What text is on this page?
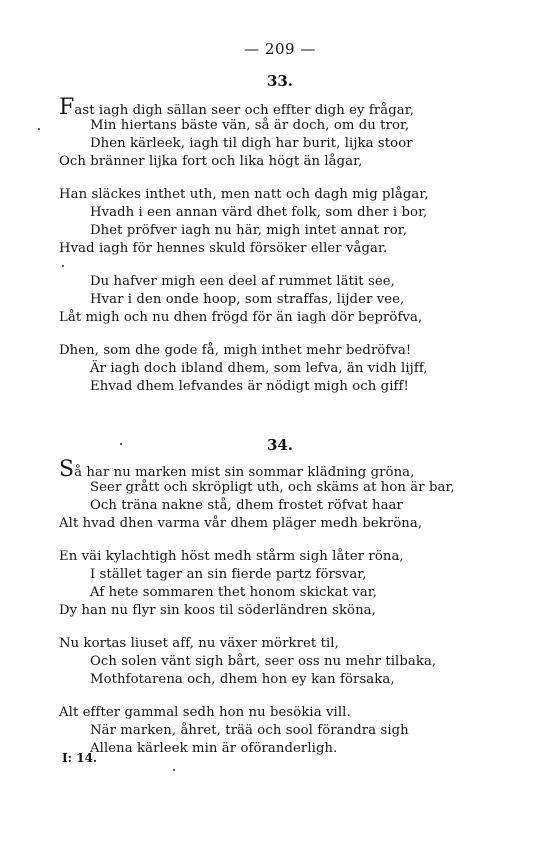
— 209 —
33.
Fast iagh digh sällan seer och effter digh ey frågar,
Min hiertans bäste vän, så är doch, om du tror,
Dhen kärleek, iagh til digh har burit, lijka stoor
Och bränner lijka fort och lika högt än lågar,
Han släckes inthet uth, men natt och dagh mig plågar,
Hvadh i een annan värd dhet folk, som dher i bor,
Dhet pröfver iagh nu här, migh intet annat ror,
Hvad iagh för hennes skuld försöker eller vågar.
Du hafver migh een deel af rummet lätit see,
Hvar i den onde hoop, som straffas, lijder vee,
Låt migh och nu dhen frögd för än iagh dör bepröfva,
Dhen, som dhe gode få, migh inthet mehr bedröfva!
Är iagh doch ibland dhem, som lefva, än vidh lijff,
Ehvad dhem lefvandes är nödigt migh och giff!
34.
Så har nu marken mist sin sommar klädning gröna,
Seer grått och skröpligt uth, och skäms at hon är bar,
Och träna nakne stå, dhem frostet röfvat haar
Alt hvad dhen varma vår dhem pläger medh bekröna,
En väi kylachtigh höst medh stårm sigh låter röna,
I stället tager an sin fierde partz försvar,
Af hete sommaren thet honom skickat var,
Dy han nu flyr sin koos til söderländren sköna,
Nu kortas liuset aff, nu växer mörkret til,
Och solen vänt sigh bårt, seer oss nu mehr tilbaka,
Mothfotarena och, dhem hon ey kan försaka,
Alt effter gammal sedh hon nu besökia vill.
När marken, åhret, trää och sool förandra sigh
Allena kärleek min är oföranderligh.
I: 14.
